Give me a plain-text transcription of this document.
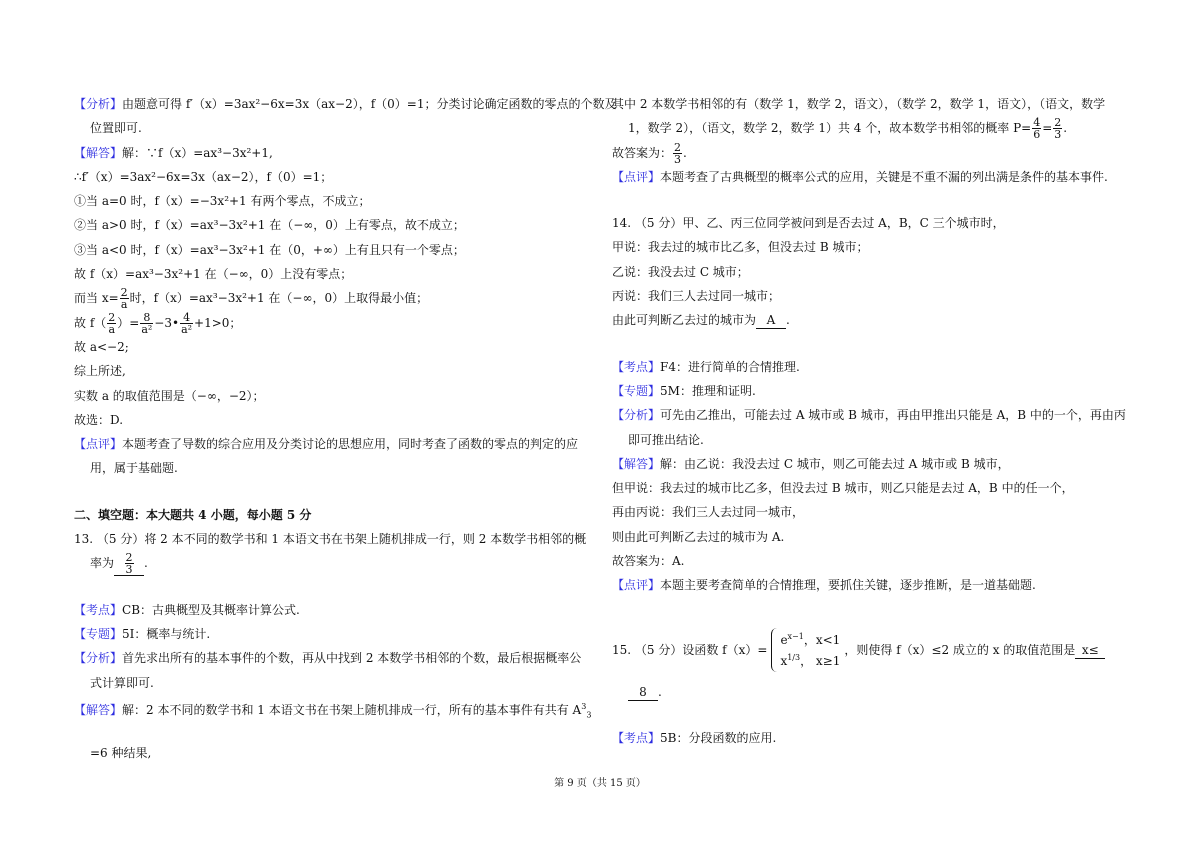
【分析】由题意可得 f′（x）=3ax²−6x=3x（ax−2），f（0）=1；分类讨论确定函数的零点的个数及
位置即可.
【解答】解：∵f（x）=ax³−3x²+1,
∴f′（x）=3ax²−6x=3x（ax−2），f（0）=1；
①当 a=0 时，f（x）=−3x²+1 有两个零点，不成立；
②当 a>0 时，f（x）=ax³−3x²+1 在（−∞，0）上有零点，故不成立；
③当 a<0 时，f（x）=ax³−3x²+1 在（0，+∞）上有且只有一个零点；
故 f（x）=ax³−3x²+1 在（−∞，0）上没有零点；
而当 $x= \frac{2}{a}$ 时，f（x）=ax³−3x²+1 在（−∞，0）上取得最小值；
故 $f( \frac{2}{a}$ ）= $\frac{8}{\text{a²}}$ −3• $\frac{4}{\text{a²}} +1>0$；
故 a<−2;
综上所述,
实数 a 的取值范围是（−∞，−2）；
故选：D.
【点评】本题考查了导数的综合应用及分类讨论的思想应用，同时考查了函数的零点的判定的应
用，属于基础题.
二、填空题：本大题共 4 小题，每小题 5 分
13. （5 分）将 2 本不同的数学书和 1 本语文书在书架上随机排成一行，则 2 本数学书相邻的概
率为 $\frac{2}{3}$ .
【考点】CB：古典概型及其概率计算公式.
【专题】5I：概率与统计.
【分析】首先求出所有的基本事件的个数，再从中找到 2 本数学书相邻的个数，最后根据概率公
式计算即可.
【解答】解：2 本不同的数学书和 1 本语文书在书架上随机排成一行，所有的基本事件有共有 $A^3_3$
=6 种结果,
其中 2 本数学书相邻的有（数学 1，数学 2，语文），（数学 2，数学 1，语文），（语文，数学
1，数学 2），（语文，数学 2，数学 1）共 4 个，故本数学书相邻的概率 $P= \frac{4}{6} = \frac{2}{3}$ .
故答案为： $\frac{2}{3}$ .
【点评】本题考查了古典概型的概率公式的应用，关键是不重不漏的列出满是条件的基本事件.
14. （5 分）甲、乙、丙三位同学被问到是否去过 A，B，C 三个城市时，
甲说：我去过的城市比乙多，但没去过 B 城市；
乙说：我没去过 C 城市；
丙说：我们三人去过同一城市；
由此可判断乙去过的城市为 A .
【考点】F4：进行简单的合情推理.
【专题】5M：推理和证明.
【分析】可先由乙推出，可能去过 A 城市或 B 城市，再由甲推出只能是 A，B 中的一个，再由丙
即可推出结论.
【解答】解：由乙说：我没去过 C 城市，则乙可能去过 A 城市或 B 城市，
但甲说：我去过的城市比乙多，但没去过 B 城市，则乙只能是去过 A，B 中的任一个，
再由丙说：我们三人去过同一城市，
则由此可判断乙去过的城市为 A.
故答案为：A.
【点评】本题主要考查简单的合情推理，要抓住关键，逐步推断，是一道基础题.
15. （5 分）设函数 f（x）=
$e^{x-1}$，x<1
$x^{1/3}$， x≥1
，则使得 f（x）≤2 成立的 x 的取值范围是 x≤
8 .
【考点】5B：分段函数的应用.
第 9 页（共 15 页）
